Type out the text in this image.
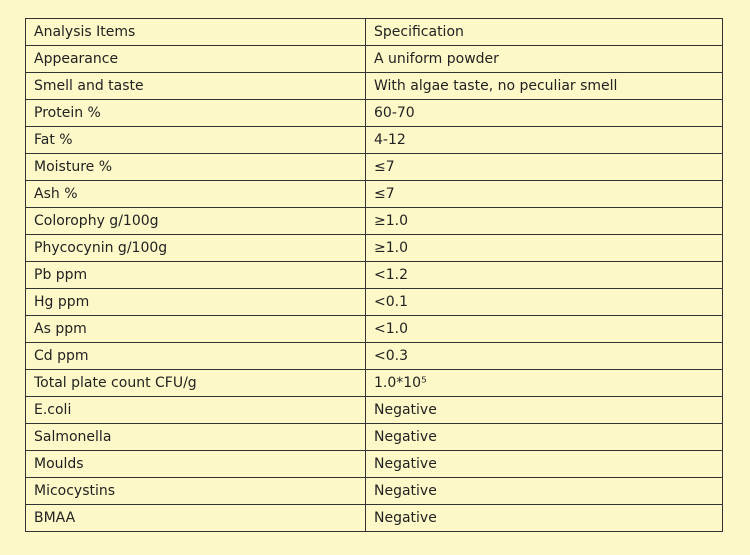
Analysis Items	Specification
Appearance	A uniform powder
Smell and taste	With algae taste, no peculiar smell
Protein %	60-70
Fat %	4-12
Moisture %	≤7
Ash %	≤7
Colorophy g/100g	≥1.0
Phycocynin g/100g	≥1.0
Pb ppm	<1.2
Hg ppm	<0.1
As ppm	<1.0
Cd ppm	<0.3
Total plate count CFU/g	1.0*10⁵
E.coli	Negative
Salmonella	Negative
Moulds	Negative
Micocystins	Negative
BMAA	Negative
